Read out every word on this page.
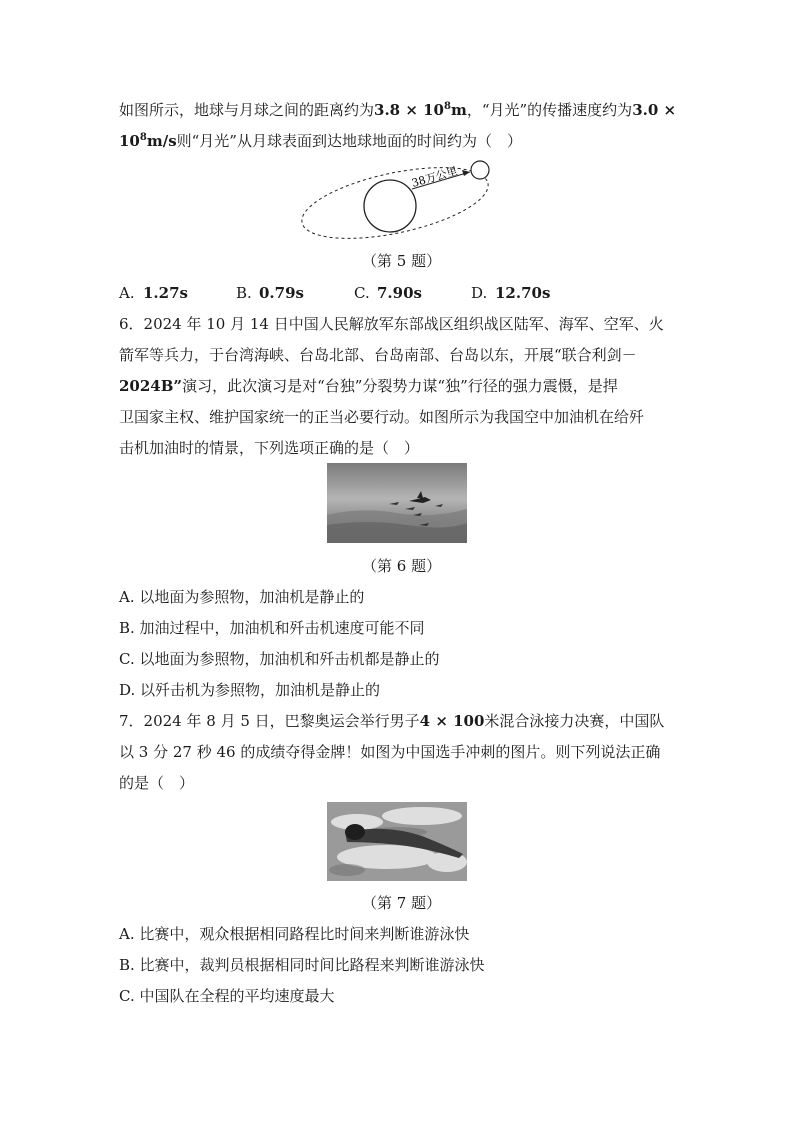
如图所示，地球与月球之间的距离约为$3.8 \times 10^8m$，“月光”的传播速度约为3.0 ×
$10^8m/s$则“月光”从月球表面到达地球地面的时间约为（　）
38万公里
（第 5 题）
A. 1.27s	B. 0.79s	C. 7.90s	D. 12.70s
6．2024 年 10 月 14 日中国人民解放军东部战区组织战区陆军、海军、空军、火
箭军等兵力，于台湾海峡、台岛北部、台岛南部、台岛以东，开展“联合利剑－
2024B”演习，此次演习是对“台独”分裂势力谋“独”行径的强力震慑，是捍
卫国家主权、维护国家统一的正当必要行动。如图所示为我国空中加油机在给歼
击机加油时的情景，下列选项正确的是（　）
（第 6 题）
A. 以地面为参照物，加油机是静止的
B. 加油过程中，加油机和歼击机速度可能不同
C. 以地面为参照物，加油机和歼击机都是静止的
D. 以歼击机为参照物，加油机是静止的
7．2024 年 8 月 5 日，巴黎奥运会举行男子4 × 100米混合泳接力决赛，中国队
以 3 分 27 秒 46 的成绩夺得金牌！如图为中国选手冲刺的图片。则下列说法正确
的是（　）
（第 7 题）
A. 比赛中，观众根据相同路程比时间来判断谁游泳快
B. 比赛中，裁判员根据相同时间比路程来判断谁游泳快
C. 中国队在全程的平均速度最大
